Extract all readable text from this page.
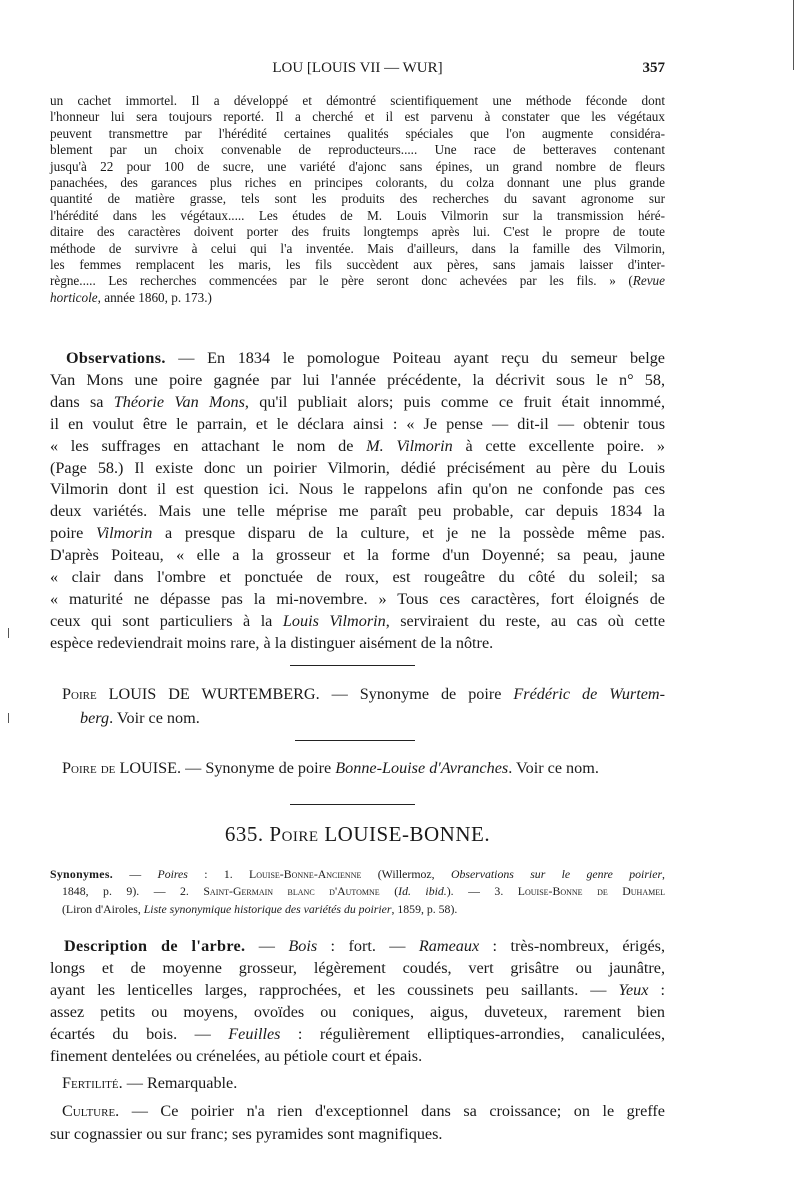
LOU [LOUIS VII — WUR]	357
un cachet immortel. Il a développé et démontré scientifiquement une méthode féconde dont
l'honneur lui sera toujours reporté. Il a cherché et il est parvenu à constater que les végétaux
peuvent transmettre par l'hérédité certaines qualités spéciales que l'on augmente considéra-
blement par un choix convenable de reproducteurs..... Une race de betteraves contenant
jusqu'à 22 pour 100 de sucre, une variété d'ajonc sans épines, un grand nombre de fleurs
panachées, des garances plus riches en principes colorants, du colza donnant une plus grande
quantité de matière grasse, tels sont les produits des recherches du savant agronome sur
l'hérédité dans les végétaux..... Les études de M. Louis Vilmorin sur la transmission héré-
ditaire des caractères doivent porter des fruits longtemps après lui. C'est le propre de toute
méthode de survivre à celui qui l'a inventée. Mais d'ailleurs, dans la famille des Vilmorin,
les femmes remplacent les maris, les fils succèdent aux pères, sans jamais laisser d'inter-
règne..... Les recherches commencées par le père seront donc achevées par les fils. » (Revue
horticole, année 1860, p. 173.)
Observations. — En 1834 le pomologue Poiteau ayant reçu du semeur belge
Van Mons une poire gagnée par lui l'année précédente, la décrivit sous le n° 58,
dans sa Théorie Van Mons, qu'il publiait alors; puis comme ce fruit était innommé,
il en voulut être le parrain, et le déclara ainsi : « Je pense — dit-il — obtenir tous
« les suffrages en attachant le nom de M. Vilmorin à cette excellente poire. »
(Page 58.) Il existe donc un poirier Vilmorin, dédié précisément au père du Louis
Vilmorin dont il est question ici. Nous le rappelons afin qu'on ne confonde pas ces
deux variétés. Mais une telle méprise me paraît peu probable, car depuis 1834 la
poire Vilmorin a presque disparu de la culture, et je ne la possède même pas.
D'après Poiteau, « elle a la grosseur et la forme d'un Doyenné; sa peau, jaune
« clair dans l'ombre et ponctuée de roux, est rougeâtre du côté du soleil; sa
« maturité ne dépasse pas la mi-novembre. » Tous ces caractères, fort éloignés de
ceux qui sont particuliers à la Louis Vilmorin, serviraient du reste, au cas où cette
espèce redeviendrait moins rare, à la distinguer aisément de la nôtre.
Poire LOUIS DE WURTEMBERG. — Synonyme de poire Frédéric de Wurtem-
berg. Voir ce nom.
Poire de LOUISE. — Synonyme de poire Bonne-Louise d'Avranches. Voir ce nom.
635. Poire LOUISE-BONNE.
Synonymes. — Poires : 1. Louise-Bonne-Ancienne (Willermoz, Observations sur le genre poirier,
1848, p. 9). — 2. Saint-Germain blanc d'Automne (Id. ibid.). — 3. Louise-Bonne de Duhamel
(Liron d'Airoles, Liste synonymique historique des variétés du poirier, 1859, p. 58).
Description de l'arbre. — Bois : fort. — Rameaux : très-nombreux, érigés,
longs et de moyenne grosseur, légèrement coudés, vert grisâtre ou jaunâtre,
ayant les lenticelles larges, rapprochées, et les coussinets peu saillants. — Yeux :
assez petits ou moyens, ovoïdes ou coniques, aigus, duveteux, rarement bien
écartés du bois. — Feuilles : régulièrement elliptiques-arrondies, canaliculées,
finement dentelées ou crénelées, au pétiole court et épais.
Fertilité. — Remarquable.
Culture. — Ce poirier n'a rien d'exceptionnel dans sa croissance; on le greffe
sur cognassier ou sur franc; ses pyramides sont magnifiques.
